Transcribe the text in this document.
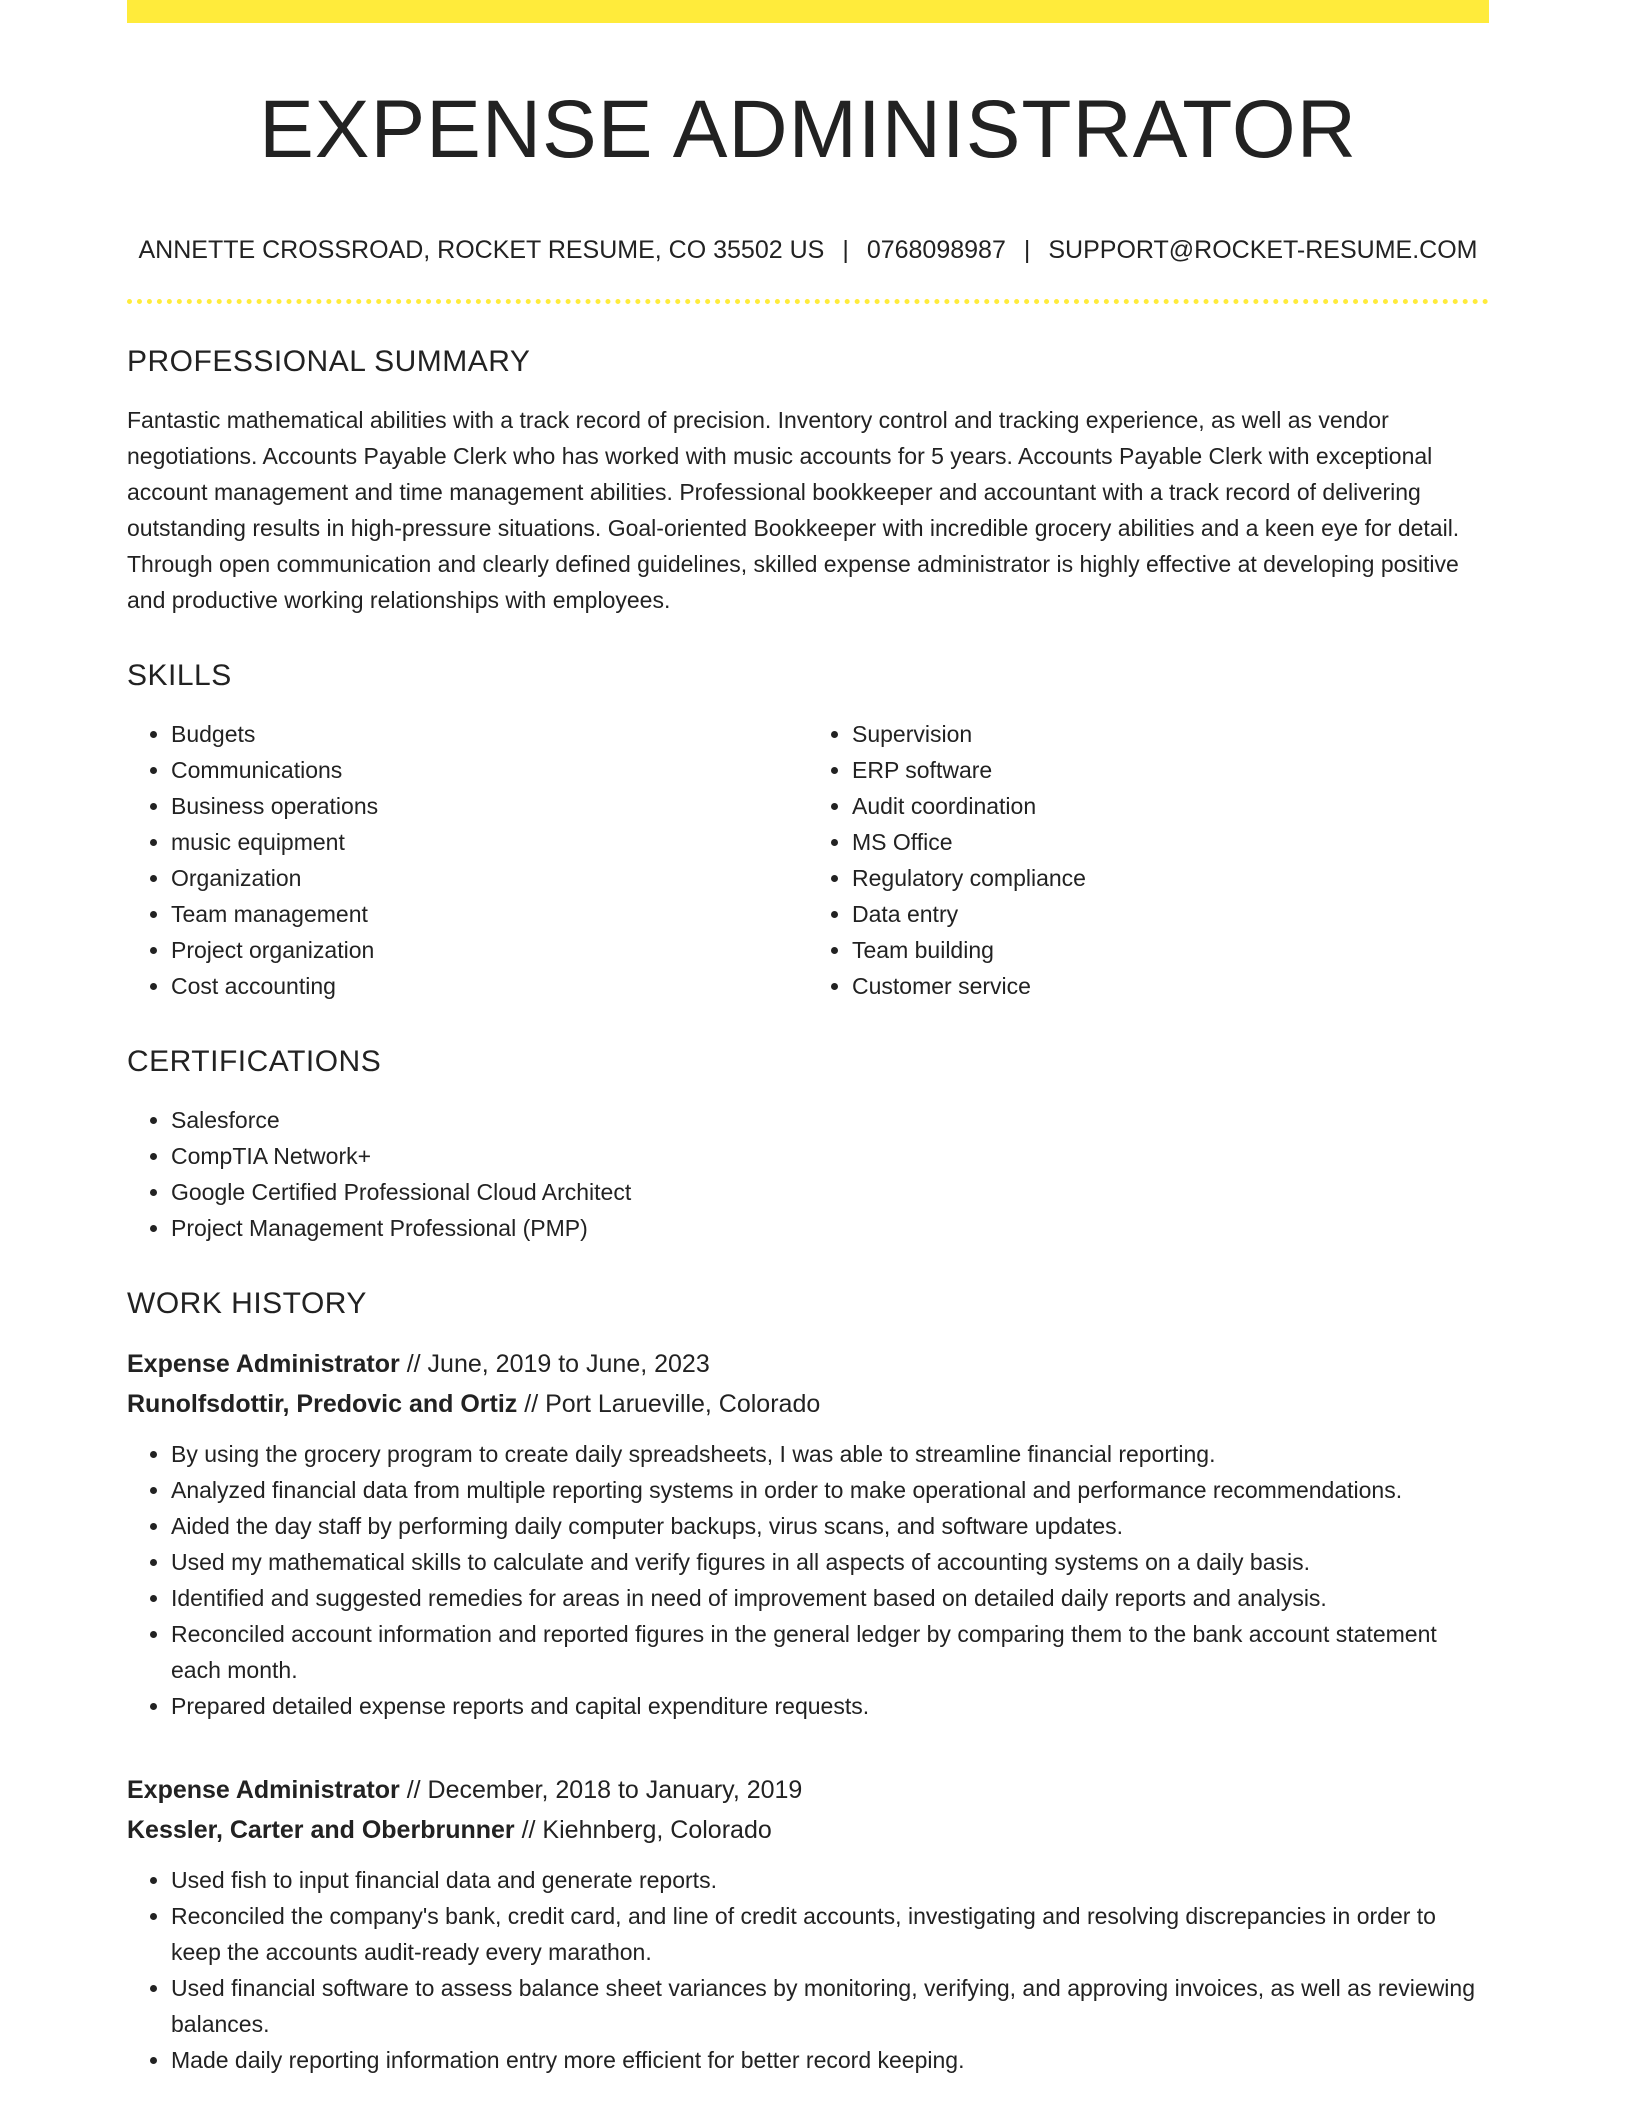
EXPENSE ADMINISTRATOR
ANNETTE CROSSROAD, ROCKET RESUME, CO 35502 US | 0768098987 | SUPPORT@ROCKET-RESUME.COM
PROFESSIONAL SUMMARY

Fantastic mathematical abilities with a track record of precision. Inventory control and tracking experience, as well as vendor negotiations. Accounts Payable Clerk who has worked with music accounts for 5 years. Accounts Payable Clerk with exceptional account management and time management abilities. Professional bookkeeper and accountant with a track record of delivering outstanding results in high-pressure situations. Goal-oriented Bookkeeper with incredible grocery abilities and a keen eye for detail. Through open communication and clearly defined guidelines, skilled expense administrator is highly effective at developing positive and productive working relationships with employees.

SKILLS
• Budgets
• Communications
• Business operations
• music equipment
• Organization
• Team management
• Project organization
• Cost accounting
• Supervision
• ERP software
• Audit coordination
• MS Office
• Regulatory compliance
• Data entry
• Team building
• Customer service
CERTIFICATIONS
• Salesforce
• CompTIA Network+
• Google Certified Professional Cloud Architect
• Project Management Professional (PMP)
WORK HISTORY
Expense Administrator // June, 2019 to June, 2023
Runolfsdottir, Predovic and Ortiz // Port Larueville, Colorado
• By using the grocery program to create daily spreadsheets, I was able to streamline financial reporting.
• Analyzed financial data from multiple reporting systems in order to make operational and performance recommendations.
• Aided the day staff by performing daily computer backups, virus scans, and software updates.
• Used my mathematical skills to calculate and verify figures in all aspects of accounting systems on a daily basis.
• Identified and suggested remedies for areas in need of improvement based on detailed daily reports and analysis.
• Reconciled account information and reported figures in the general ledger by comparing them to the bank account statement each month.
• Prepared detailed expense reports and capital expenditure requests.
Expense Administrator // December, 2018 to January, 2019
Kessler, Carter and Oberbrunner // Kiehnberg, Colorado
• Used fish to input financial data and generate reports.
• Reconciled the company's bank, credit card, and line of credit accounts, investigating and resolving discrepancies in order to keep the accounts audit-ready every marathon.
• Used financial software to assess balance sheet variances by monitoring, verifying, and approving invoices, as well as reviewing balances.
• Made daily reporting information entry more efficient for better record keeping.
